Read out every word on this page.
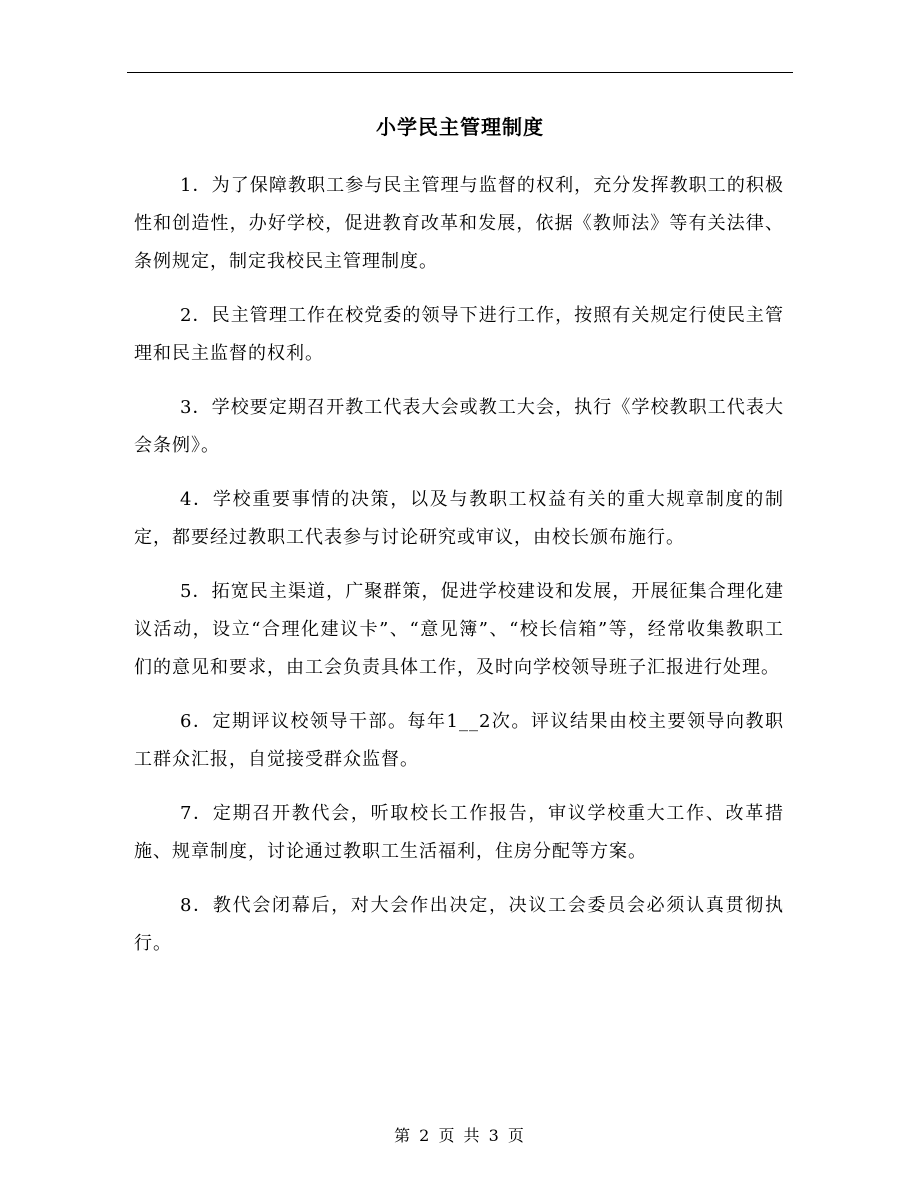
小学民主管理制度

1．为了保障教职工参与民主管理与监督的权利，充分发挥教职工的积极性和创造性，办好学校，促进教育改革和发展，依据《教师法》等有关法律、条例规定，制定我校民主管理制度。

2．民主管理工作在校党委的领导下进行工作，按照有关规定行使民主管理和民主监督的权利。

3．学校要定期召开教工代表大会或教工大会，执行《学校教职工代表大会条例》。

4．学校重要事情的决策，以及与教职工权益有关的重大规章制度的制定，都要经过教职工代表参与讨论研究或审议，由校长颁布施行。

5．拓宽民主渠道，广聚群策，促进学校建设和发展，开展征集合理化建议活动，设立“合理化建议卡”、“意见簿”、“校长信箱”等，经常收集教职工们的意见和要求，由工会负责具体工作，及时向学校领导班子汇报进行处理。

6．定期评议校领导干部。每年1__2次。评议结果由校主要领导向教职工群众汇报，自觉接受群众监督。

7．定期召开教代会，听取校长工作报告，审议学校重大工作、改革措施、规章制度，讨论通过教职工生活福利，住房分配等方案。

8．教代会闭幕后，对大会作出决定，决议工会委员会必须认真贯彻执行。

第 2 页 共 3 页
